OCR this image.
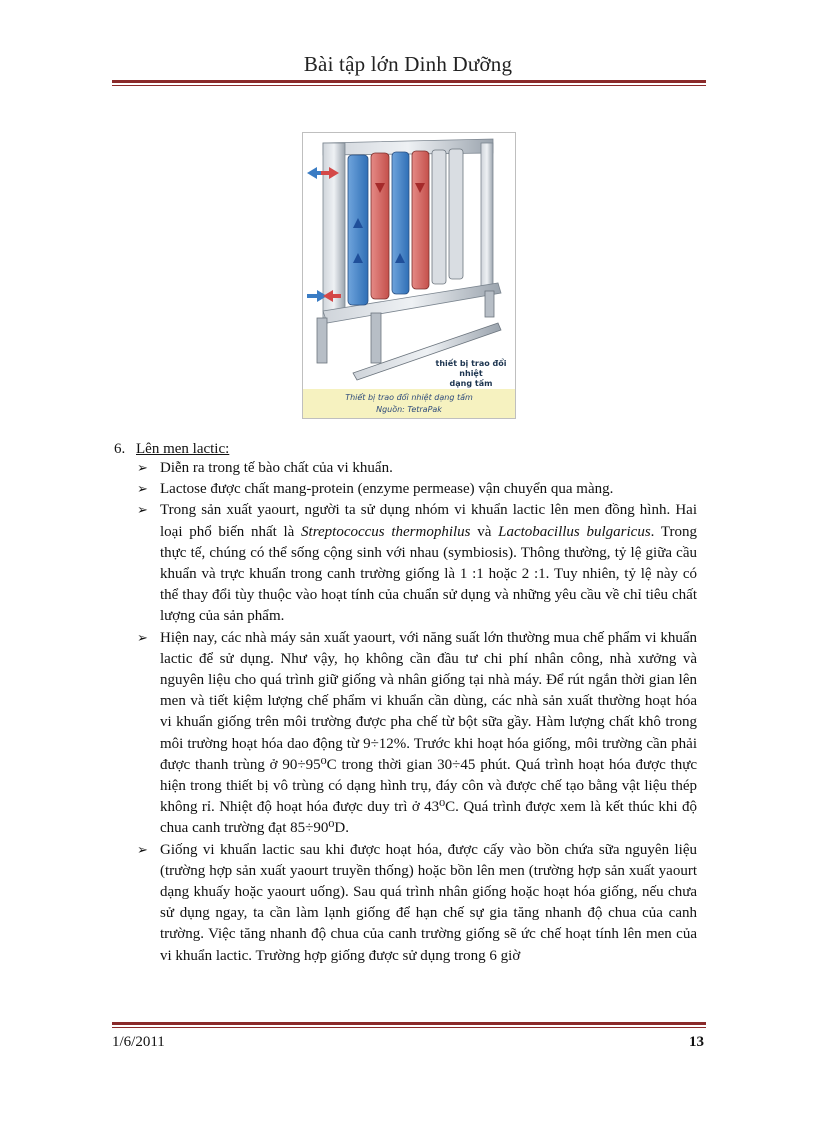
Bài tập lớn Dinh Dưỡng
thiết bị trao đổi nhiệt
dạng tấm
Thiết bị trao đổi nhiệt dạng tấm
Nguồn: TetraPak
6. Lên men lactic:
➢ Diễn ra trong tế bào chất của vi khuẩn.
➢ Lactose được chất mang-protein (enzyme permease) vận chuyển qua màng.
➢ Trong sản xuất yaourt, người ta sử dụng nhóm vi khuẩn lactic lên men đồng hình. Hai loại phổ biến nhất là Streptococcus thermophilus và Lactobacillus bulgaricus. Trong thực tế, chúng có thể sống cộng sinh với nhau (symbiosis). Thông thường, tỷ lệ giữa cầu khuẩn và trực khuẩn trong canh trường giống là 1 :1 hoặc 2 :1. Tuy nhiên, tỷ lệ này có thể thay đổi tùy thuộc vào hoạt tính của chuẩn sử dụng và những yêu cầu về chỉ tiêu chất lượng của sản phẩm.
➢ Hiện nay, các nhà máy sản xuất yaourt, với năng suất lớn thường mua chế phẩm vi khuẩn lactic để sử dụng. Như vậy, họ không cần đầu tư chi phí nhân công, nhà xưởng và nguyên liệu cho quá trình giữ giống và nhân giống tại nhà máy. Để rút ngắn thời gian lên men và tiết kiệm lượng chế phẩm vi khuẩn cần dùng, các nhà sản xuất thường hoạt hóa vi khuẩn giống trên môi trường được pha chế từ bột sữa gầy. Hàm lượng chất khô trong môi trường hoạt hóa dao động từ 9÷12%. Trước khi hoạt hóa giống, môi trường cần phải được thanh trùng ở 90÷95⁰C trong thời gian 30÷45 phút. Quá trình hoạt hóa được thực hiện trong thiết bị vô trùng có dạng hình trụ, đáy côn và được chế tạo bằng vật liệu thép không rỉ. Nhiệt độ hoạt hóa được duy trì ở 43⁰C. Quá trình được xem là kết thúc khi độ chua canh trường đạt 85÷90⁰D.
➢ Giống vi khuẩn lactic sau khi được hoạt hóa, được cấy vào bồn chứa sữa nguyên liệu (trường hợp sản xuất yaourt truyền thống) hoặc bồn lên men (trường hợp sản xuất yaourt dạng khuấy hoặc yaourt uống). Sau quá trình nhân giống hoặc hoạt hóa giống, nếu chưa sử dụng ngay, ta cần làm lạnh giống để hạn chế sự gia tăng nhanh độ chua của canh trường. Việc tăng nhanh độ chua của canh trường giống sẽ ức chế hoạt tính lên men của vi khuẩn lactic. Trường hợp giống được sử dụng trong 6 giờ
1/6/2011	13
